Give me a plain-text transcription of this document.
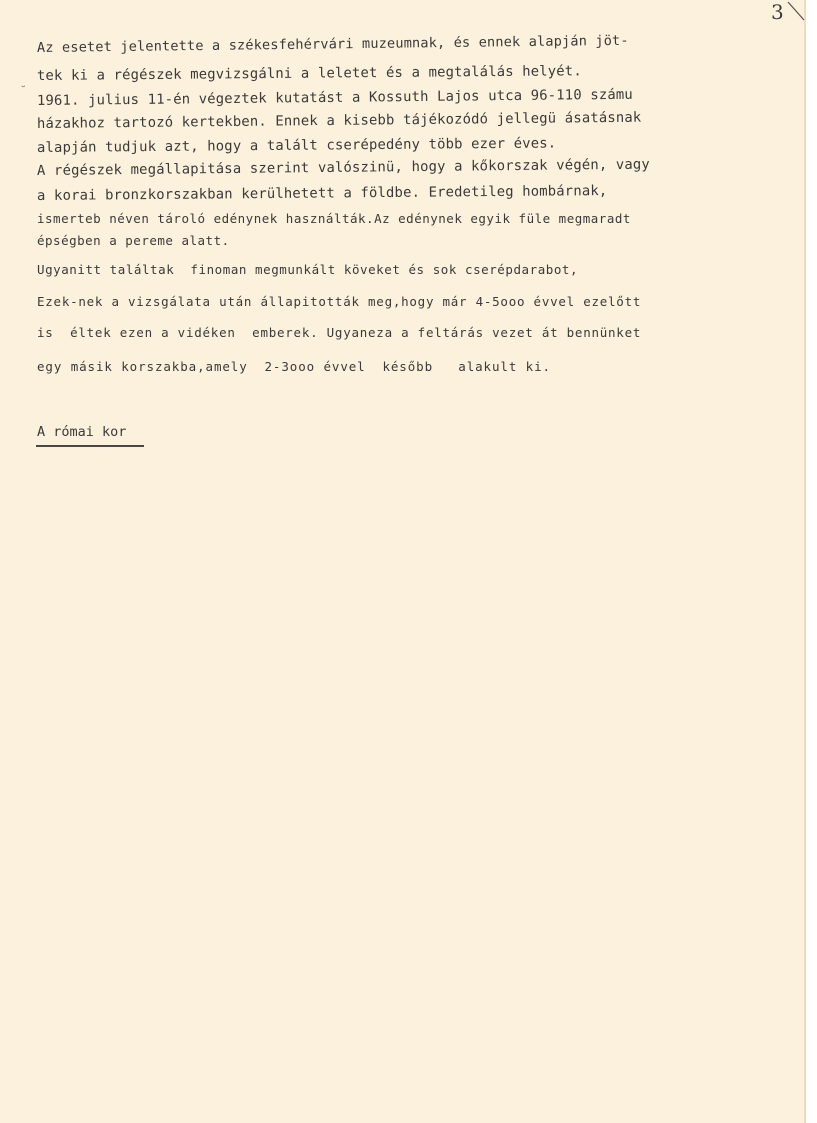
3
˘

Az esetet jelentette a székesfehérvári muzeumnak, és ennek alapján jöt-

tek ki a régészek megvizsgálni a leletet és a megtalálás helyét.

1961. julius 11-én végeztek kutatást a Kossuth Lajos utca 96-110 számu

házakhoz tartozó kertekben. Ennek a kisebb tájékozódó jellegü ásatásnak

alapján tudjuk azt, hogy a talált cserépedény több ezer éves.

A régészek megállapitása szerint valószinü, hogy a kőkorszak végén, vagy

a korai bronzkorszakban kerülhetett a földbe. Eredetileg hombárnak,

ismerteb néven tároló edénynek használták.Az edénynek egyik füle megmaradt

épségben a pereme alatt.

Ugyanitt találtak  finoman megmunkált köveket és sok cserépdarabot,

Ezek-nek a vizsgálata után állapitották meg,hogy már 4-5ooo évvel ezelőtt

is  éltek ezen a vidéken  emberek. Ugyaneza a feltárás vezet át bennünket

egy másik korszakba,amely  2-3ooo évvel  később   alakult ki.

A római kor
